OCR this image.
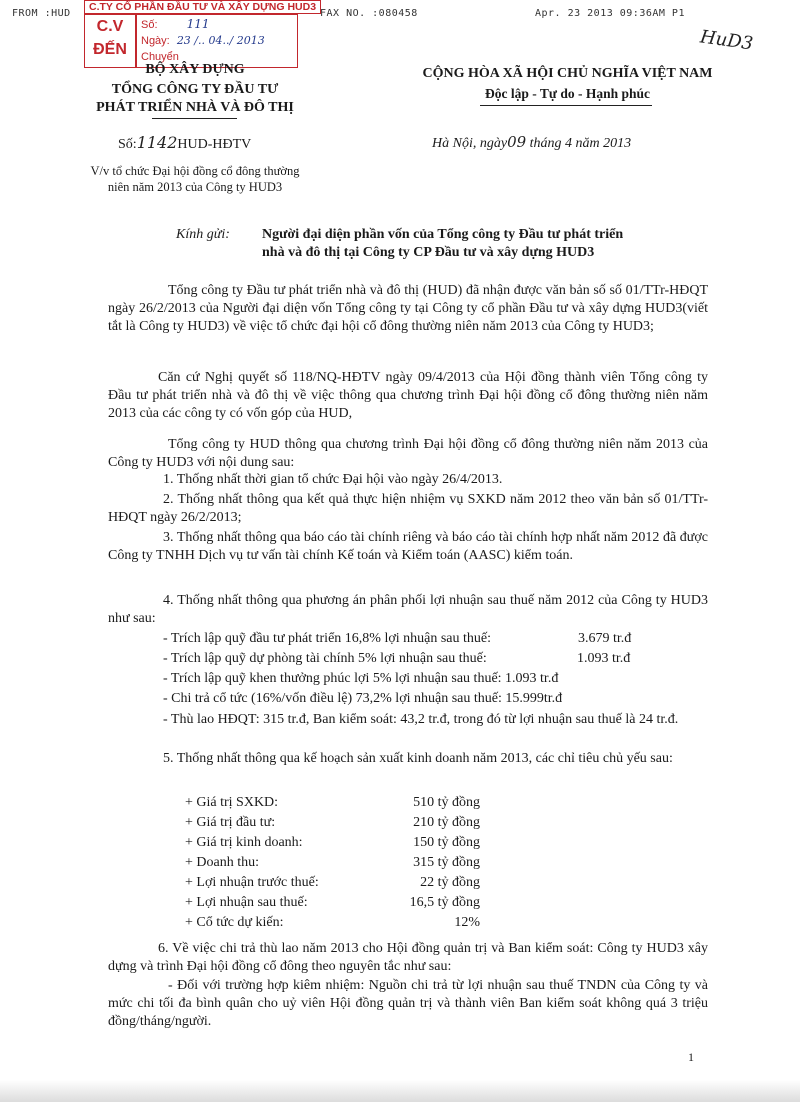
FROM :HUD	FAX NO. :080458	Apr. 23 2013 09:36AM P1
C.TY CỔ PHẦN ĐẦU TƯ VÀ XÂY DỰNG HUD3
C.V
ĐẾN
Số: 111
Ngày: 23 /.. 04../ 2013
Chuyển
HuD3
BỘ XÂY DỰNG
TỔNG CÔNG TY ĐẦU TƯ
PHÁT TRIỂN NHÀ VÀ ĐÔ THỊ
Số:1142HUD-HĐTV
V/v tổ chức Đại hội đồng cổ đông thường
niên năm 2013 của Công ty HUD3
CỘNG HÒA XÃ HỘI CHỦ NGHĨA VIỆT NAM
Độc lập - Tự do - Hạnh phúc
Hà Nội, ngày09 tháng 4 năm 2013
Kính gửi: Người đại diện phần vốn của Tổng công ty Đầu tư phát triển
nhà và đô thị tại Công ty CP Đầu tư và xây dựng HUD3
Tổng công ty Đầu tư phát triển nhà và đô thị (HUD) đã nhận được văn bản số số 01/TTr-HĐQT ngày 26/2/2013 của Người đại diện vốn Tổng công ty tại Công ty cổ phần Đầu tư và xây dựng HUD3(viết tắt là Công ty HUD3) về việc tổ chức đại hội cổ đông thường niên năm 2013 của Công ty HUD3;
Căn cứ Nghị quyết số 118/NQ-HĐTV ngày 09/4/2013 của Hội đồng thành viên Tổng công ty Đầu tư phát triển nhà và đô thị về việc thông qua chương trình Đại hội đồng cổ đông thường niên năm 2013 của các công ty có vốn góp của HUD,
Tổng công ty HUD thông qua chương trình Đại hội đồng cổ đông thường niên năm 2013 của Công ty HUD3 với nội dung sau:
1. Thống nhất thời gian tổ chức Đại hội vào ngày 26/4/2013.
2. Thống nhất thông qua kết quả thực hiện nhiệm vụ SXKD năm 2012 theo văn bản số 01/TTr-HĐQT ngày 26/2/2013;
3. Thống nhất thông qua báo cáo tài chính riêng và báo cáo tài chính hợp nhất năm 2012 đã được Công ty TNHH Dịch vụ tư vấn tài chính Kế toán và Kiểm toán (AASC) kiểm toán.
4. Thống nhất thông qua phương án phân phối lợi nhuận sau thuế năm 2012 của Công ty HUD3 như sau:
- Trích lập quỹ đầu tư phát triển 16,8% lợi nhuận sau thuế:	3.679 tr.đ
- Trích lập quỹ dự phòng tài chính 5% lợi nhuận sau thuế:	1.093 tr.đ
- Trích lập quỹ khen thưởng phúc lợi 5% lợi nhuận sau thuế: 1.093 tr.đ
- Chi trả cổ tức (16%/vốn điều lệ) 73,2% lợi nhuận sau thuế: 15.999tr.đ
- Thù lao HĐQT: 315 tr.đ, Ban kiểm soát: 43,2 tr.đ, trong đó từ lợi nhuận sau thuế là 24 tr.đ.
5. Thống nhất thông qua kế hoạch sản xuất kinh doanh năm 2013, các chỉ tiêu chủ yếu sau:
+ Giá trị SXKD:	510 tỷ đồng
+ Giá trị đầu tư:	210 tỷ đồng
+ Giá trị kinh doanh:	150 tỷ đồng
+ Doanh thu:	315 tỷ đồng
+ Lợi nhuận trước thuế:	22 tỷ đồng
+ Lợi nhuận sau thuế:	16,5 tỷ đồng
+ Cổ tức dự kiến:	12%
6. Về việc chi trả thù lao năm 2013 cho Hội đồng quản trị và Ban kiểm soát: Công ty HUD3 xây dựng và trình Đại hội đồng cổ đông theo nguyên tắc như sau:
- Đối với trường hợp kiêm nhiệm: Nguồn chi trả từ lợi nhuận sau thuế TNDN của Công ty và mức chi tối đa bình quân cho uỷ viên Hội đồng quản trị và thành viên Ban kiểm soát không quá 3 triệu đồng/tháng/người.
1
